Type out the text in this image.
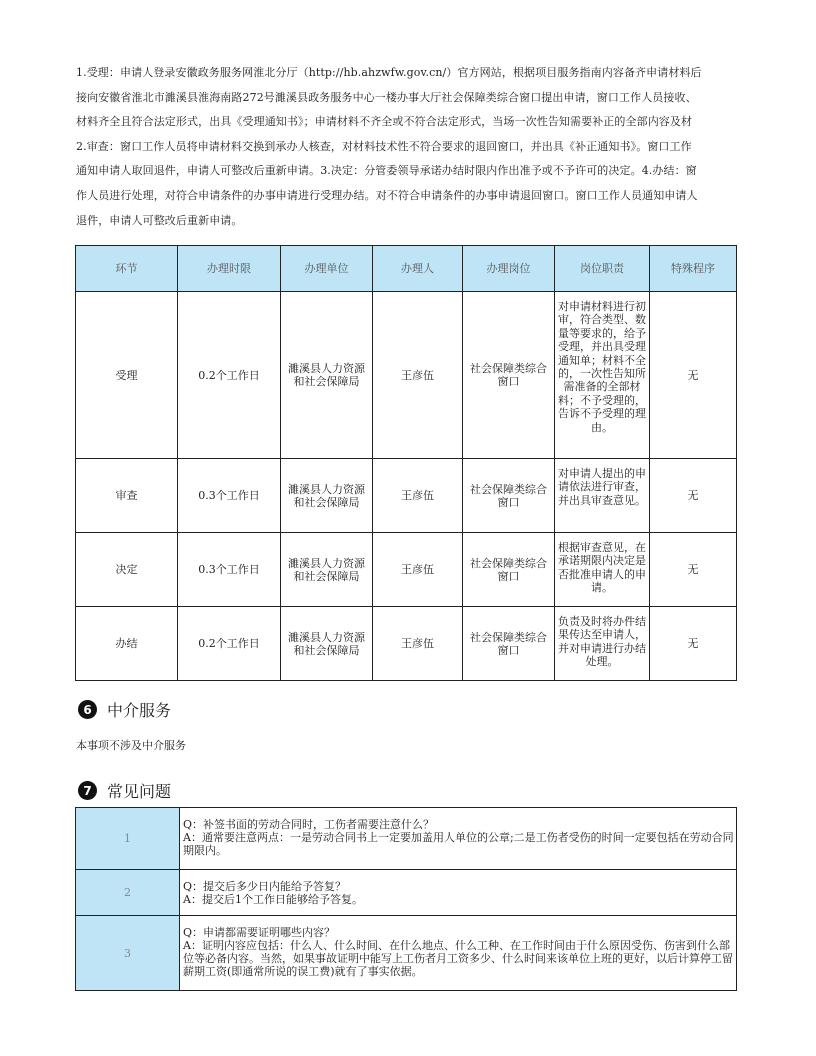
1.受理：申请人登录安徽政务服务网淮北分厅（http://hb.ahzwfw.gov.cn/）官方网站，根据项目服务指南内容备齐申请材料后
接向安徽省淮北市濉溪县淮海南路272号濉溪县政务服务中心一楼办事大厅社会保障类综合窗口提出申请，窗口工作人员接收、
材料齐全且符合法定形式，出具《受理通知书》；申请材料不齐全或不符合法定形式，当场一次性告知需要补正的全部内容及材
2.审查：窗口工作人员将申请材料交换到承办人核查，对材料技术性不符合要求的退回窗口，并出具《补正通知书》。窗口工作
通知申请人取回退件，申请人可整改后重新申请。3.决定：分管委领导承诺办结时限内作出准予或不予许可的决定。4.办结：窗
作人员进行处理，对符合申请条件的办事申请进行受理办结。对不符合申请条件的办事申请退回窗口。窗口工作人员通知申请人
退件，申请人可整改后重新申请。
环节	办理时限	办理单位	办理人	办理岗位	岗位职责	特殊程序
受理	0.2个工作日	濉溪县人力资源和社会保障局	王彦伍	社会保障类综合窗口	对申请材料进行初审，符合类型、数量等要求的，给予受理，并出具受理通知单；材料不全的，一次性告知所需准备的全部材料；不予受理的，告诉不予受理的理由。	无
审查	0.3个工作日	濉溪县人力资源和社会保障局	王彦伍	社会保障类综合窗口	对申请人提出的申请依法进行审查，并出具审查意见。	无
决定	0.3个工作日	濉溪县人力资源和社会保障局	王彦伍	社会保障类综合窗口	根据审查意见，在承诺期限内决定是否批准申请人的申请。	无
办结	0.2个工作日	濉溪县人力资源和社会保障局	王彦伍	社会保障类综合窗口	负责及时将办件结果传达至申请人，并对申请进行办结处理。	无
6 中介服务
本事项不涉及中介服务
7 常见问题
1	Q：补签书面的劳动合同时，工伤者需要注意什么？
A：通常要注意两点：一是劳动合同书上一定要加盖用人单位的公章;二是工伤者受伤的时间一定要包括在劳动合同期限内。

2	Q：提交后多少日内能给予答复？
A：提交后1个工作日能够给予答复。

3	Q：申请都需要证明哪些内容？
A：证明内容应包括：什么人、什么时间、在什么地点、什么工种、在工作时间由于什么原因受伤、伤害到什么部位等必备内容。当然，如果事故证明中能写上工伤者月工资多少、什么时间来该单位上班的更好，以后计算停工留薪期工资(即通常所说的误工费)就有了事实依据。
